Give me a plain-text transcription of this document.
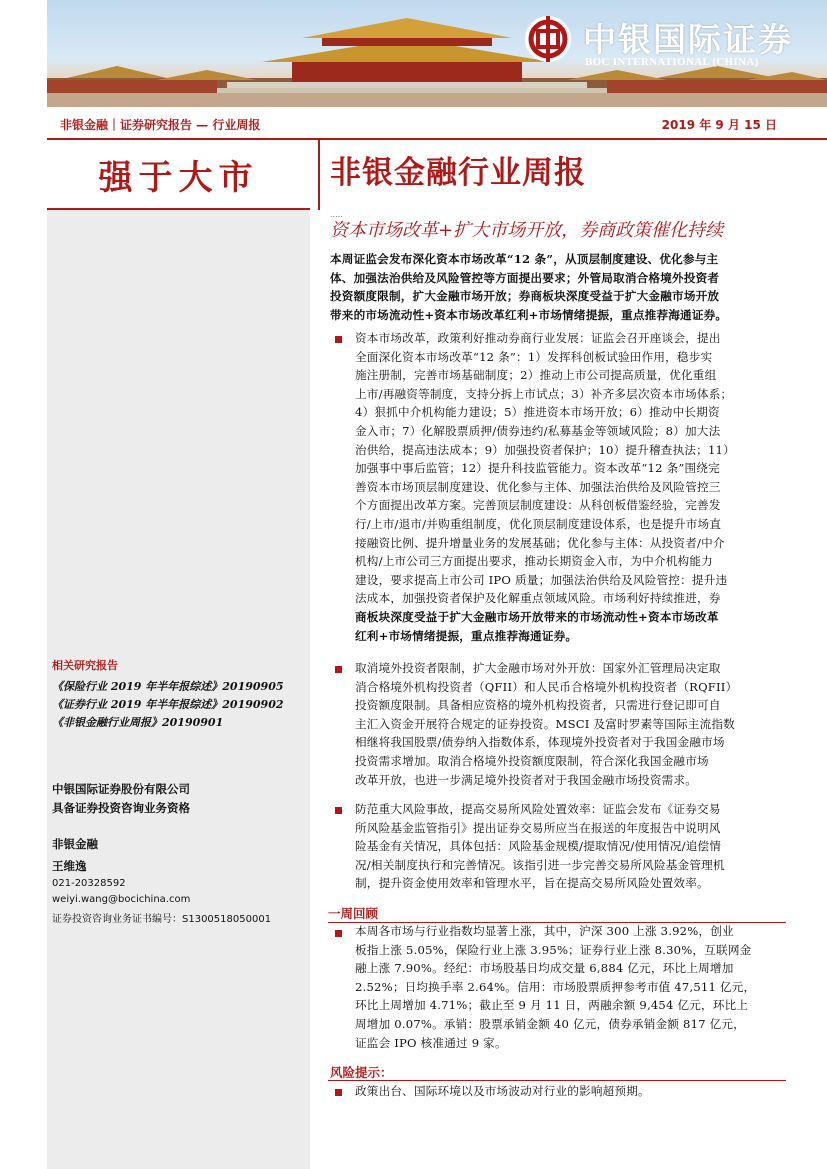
中银国际证券
BOC INTERNATIONAL (CHINA)
非银金融｜证券研究报告 — 行业周报	2019 年 9 月 15 日
强于大市
相关研究报告
《保险行业 2019 年半年报综述》20190905
《证券行业 2019 年半年报综述》20190902
《非银金融行业周报》20190901
中银国际证券股份有限公司
具备证券投资咨询业务资格
非银金融
王维逸
021-20328592
weiyi.wang@bocichina.com
证券投资咨询业务证书编号：S1300518050001
非银金融行业周报
.....
资本市场改革+扩大市场开放，券商政策催化持续
本周证监会发布深化资本市场改革“12 条”，从顶层制度建设、优化参与主
体、加强法治供给及风险管控等方面提出要求；外管局取消合格境外投资者
投资额度限制，扩大金融市场开放；券商板块深度受益于扩大金融市场开放
带来的市场流动性+资本市场改革红利+市场情绪提振，重点推荐海通证券。
资本市场改革，政策利好推动券商行业发展：证监会召开座谈会，提出
全面深化资本市场改革“12 条”：1）发挥科创板试验田作用，稳步实
施注册制，完善市场基础制度；2）推动上市公司提高质量，优化重组
上市/再融资等制度，支持分拆上市试点；3）补齐多层次资本市场体系；
4）狠抓中介机构能力建设；5）推进资本市场开放；6）推动中长期资
金入市；7）化解股票质押/债券违约/私募基金等领域风险；8）加大法
治供给，提高违法成本；9）加强投资者保护；10）提升稽查执法；11）
加强事中事后监管；12）提升科技监管能力。资本改革“12 条”围绕完
善资本市场顶层制度建设、优化参与主体、加强法治供给及风险管控三
个方面提出改革方案。完善顶层制度建设：从科创板借鉴经验，完善发
行/上市/退市/并购重组制度，优化顶层制度建设体系，也是提升市场直
接融资比例、提升增量业务的发展基础；优化参与主体：从投资者/中介
机构/上市公司三方面提出要求，推动长期资金入市，为中介机构能力
建设，要求提高上市公司 IPO 质量；加强法治供给及风险管控：提升违
法成本，加强投资者保护及化解重点领域风险。市场利好持续推进，券
商板块深度受益于扩大金融市场开放带来的市场流动性+资本市场改革
红利+市场情绪提振，重点推荐海通证券。
取消境外投资者限制，扩大金融市场对外开放：国家外汇管理局决定取
消合格境外机构投资者（QFII）和人民币合格境外机构投资者（RQFII）
投资额度限制。具备相应资格的境外机构投资者，只需进行登记即可自
主汇入资金开展符合规定的证券投资。MSCI 及富时罗素等国际主流指数
相继将我国股票/债券纳入指数体系，体现境外投资者对于我国金融市场
投资需求增加。取消合格境外投资额度限制，符合深化我国金融市场
改革开放，也进一步满足境外投资者对于我国金融市场投资需求。
防范重大风险事故，提高交易所风险处置效率：证监会发布《证券交易
所风险基金监管指引》提出证券交易所应当在报送的年度报告中说明风
险基金有关情况，具体包括：风险基金规模/提取情况/使用情况/追偿情
况/相关制度执行和完善情况。该指引进一步完善交易所风险基金管理机
制，提升资金使用效率和管理水平，旨在提高交易所风险处置效率。
一周回顾
本周各市场与行业指数均显著上涨，其中，沪深 300 上涨 3.92%，创业
板指上涨 5.05%，保险行业上涨 3.95%；证券行业上涨 8.30%，互联网金
融上涨 7.90%。经纪：市场股基日均成交量 6,884 亿元，环比上周增加
2.52%；日均换手率 2.64%。信用：市场股票质押参考市值 47,511 亿元，
环比上周增加 4.71%；截止至 9 月 11 日，两融余额 9,454 亿元，环比上
周增加 0.07%。承销：股票承销金额 40 亿元，债券承销金额 817 亿元，
证监会 IPO 核准通过 9 家。
风险提示：
政策出台、国际环境以及市场波动对行业的影响超预期。
